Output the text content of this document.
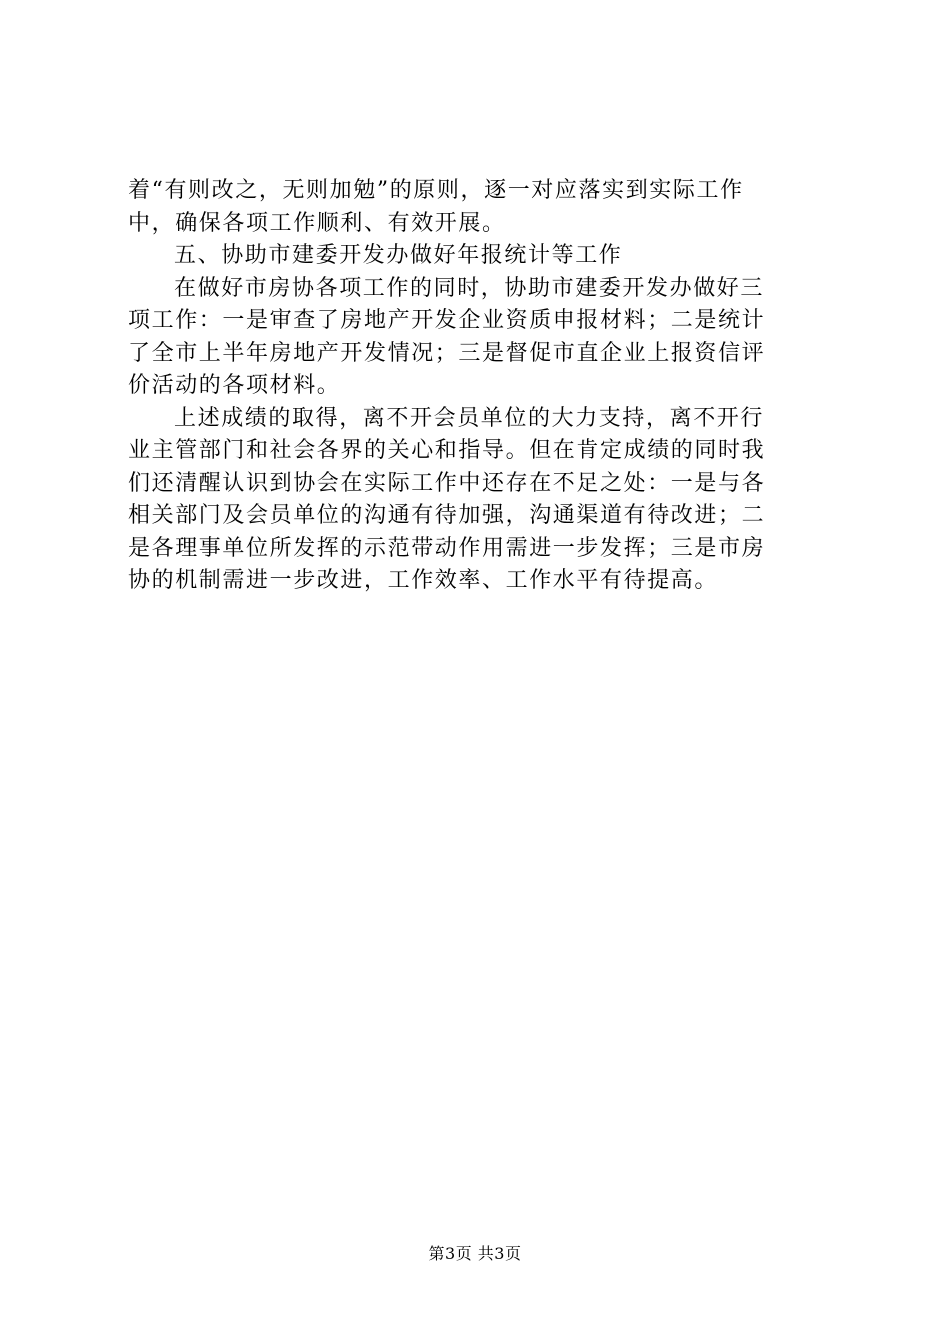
着“有则改之，无则加勉”的原则，逐一对应落实到实际工作
中，确保各项工作顺利、有效开展。
五、协助市建委开发办做好年报统计等工作
在做好市房协各项工作的同时，协助市建委开发办做好三
项工作：一是审查了房地产开发企业资质申报材料；二是统计
了全市上半年房地产开发情况；三是督促市直企业上报资信评
价活动的各项材料。
上述成绩的取得，离不开会员单位的大力支持，离不开行
业主管部门和社会各界的关心和指导。但在肯定成绩的同时我
们还清醒认识到协会在实际工作中还存在不足之处：一是与各
相关部门及会员单位的沟通有待加强，沟通渠道有待改进；二
是各理事单位所发挥的示范带动作用需进一步发挥；三是市房
协的机制需进一步改进，工作效率、工作水平有待提高。
第3页 共3页
